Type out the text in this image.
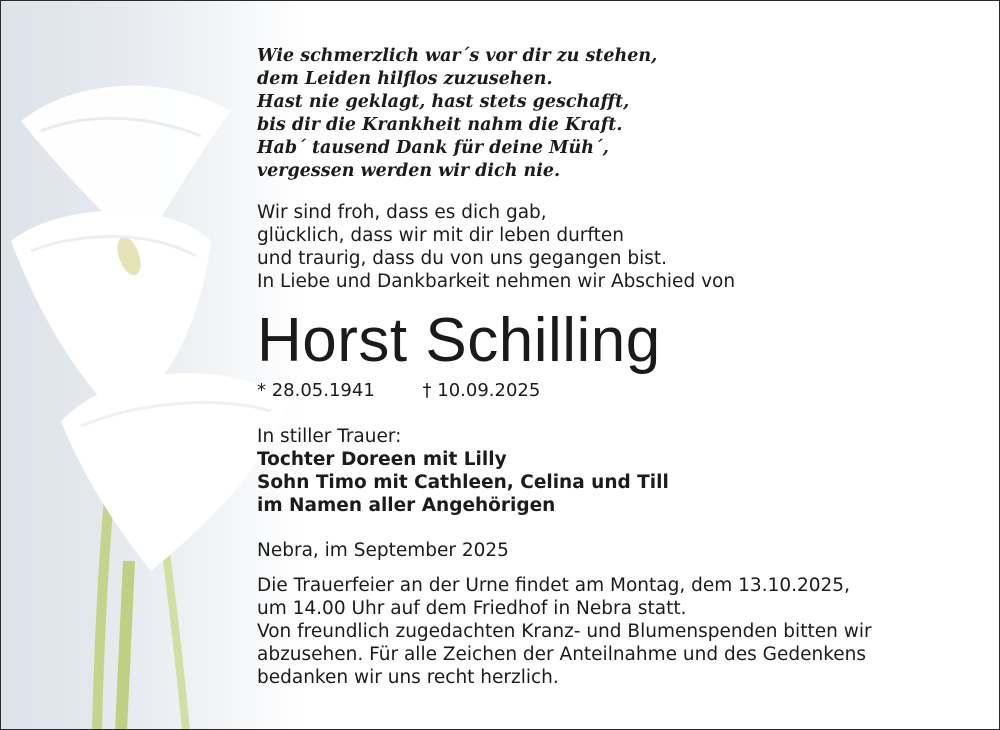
Wie schmerzlich war´s vor dir zu stehen,
dem Leiden hilflos zuzusehen.
Hast nie geklagt, hast stets geschafft,
bis dir die Krankheit nahm die Kraft.
Hab´ tausend Dank für deine Müh´,
vergessen werden wir dich nie.
Wir sind froh, dass es dich gab,
glücklich, dass wir mit dir leben durften
und traurig, dass du von uns gegangen bist.
In Liebe und Dankbarkeit nehmen wir Abschied von
Horst Schilling
* 28.05.1941	† 10.09.2025
In stiller Trauer:
Tochter Doreen mit Lilly
Sohn Timo mit Cathleen, Celina und Till
im Namen aller Angehörigen
Nebra, im September 2025
Die Trauerfeier an der Urne findet am Montag, dem 13.10.2025,
um 14.00 Uhr auf dem Friedhof in Nebra statt.
Von freundlich zugedachten Kranz- und Blumenspenden bitten wir
abzusehen. Für alle Zeichen der Anteilnahme und des Gedenkens
bedanken wir uns recht herzlich.
